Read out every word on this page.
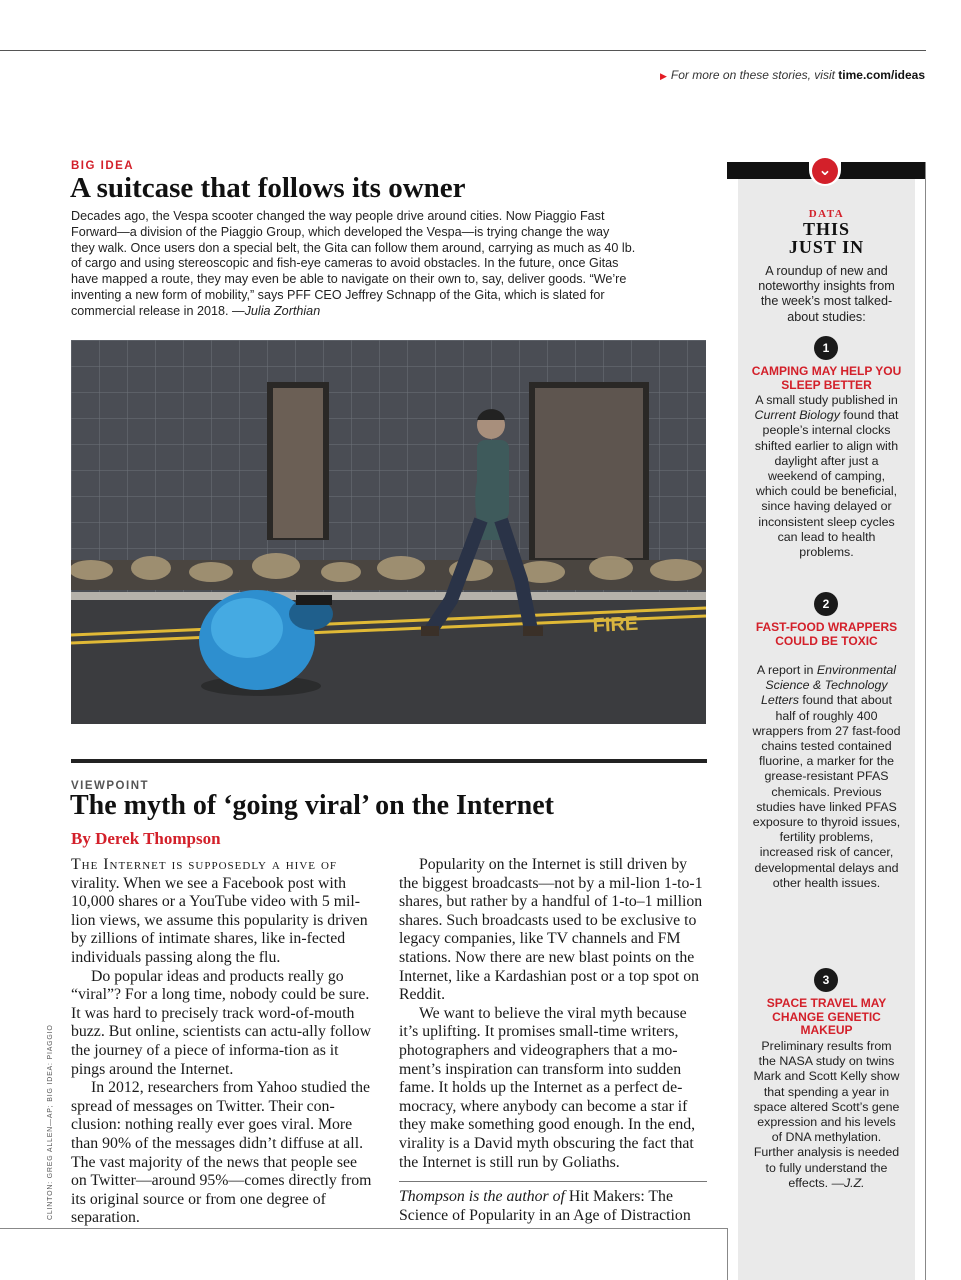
▶ For more on these stories, visit time.com/ideas
BIG IDEA
A suitcase that follows its owner
Decades ago, the Vespa scooter changed the way people drive around cities. Now Piaggio Fast Forward—a division of the Piaggio Group, which developed the Vespa—is trying change the way they walk. Once users don a special belt, the Gita can follow them around, carrying as much as 40 lb. of cargo and using stereoscopic and fish-eye cameras to avoid obstacles. In the future, once Gitas have mapped a route, they may even be able to navigate on their own to, say, deliver goods. “We’re inventing a new form of mobility,” says PFF CEO Jeffrey Schnapp of the Gita, which is slated for commercial release in 2018. —Julia Zorthian
FIRE
VIEWPOINT
The myth of ‘going viral’ on the Internet
By Derek Thompson

The Internet is supposedly a hive of virality. When we see a Facebook post with 10,000 shares or a YouTube video with 5 mil-lion views, we assume this popularity is driven by zillions of intimate shares, like in-fected individuals passing along the flu.

Do popular ideas and products really go “viral”? For a long time, nobody could be sure. It was hard to precisely track word-of-mouth buzz. But online, scientists can actu-ally follow the journey of a piece of informa-tion as it pings around the Internet.

In 2012, researchers from Yahoo studied the spread of messages on Twitter. Their con-clusion: nothing really ever goes viral. More than 90% of the messages didn’t diffuse at all. The vast majority of the news that people see on Twitter—around 95%—comes directly from its original source or from one degree of separation.

Popularity on the Internet is still driven by the biggest broadcasts—not by a mil-lion 1-to-1 shares, but rather by a handful of 1-to–1 million shares. Such broadcasts used to be exclusive to legacy companies, like TV channels and FM stations. Now there are new blast points on the Internet, like a Kardashian post or a top spot on Reddit.

We want to believe the viral myth because it’s uplifting. It promises small-time writers, photographers and videographers that a mo-ment’s inspiration can transform into sudden fame. It holds up the Internet as a perfect de-mocracy, where anybody can become a star if they make something good enough. In the end, virality is a David myth obscuring the fact that the Internet is still run by Goliaths.

Thompson is the author of Hit Makers: The Science of Popularity in an Age of Distraction
CLINTON: GREG ALLEN—AP; BIG IDEA: PIAGGIO
⌄
DATA
THIS
JUST IN
A roundup of new and noteworthy insights from the week’s most talked-about studies:
1
CAMPING MAY HELP YOU SLEEP BETTER
A small study published in Current Biology found that people’s internal clocks shifted earlier to align with daylight after just a weekend of camping, which could be beneficial, since having delayed or inconsistent sleep cycles can lead to health problems.
2
FAST-FOOD WRAPPERS COULD BE TOXIC
A report in Environmental Science & Technology Letters found that about half of roughly 400 wrappers from 27 fast-food chains tested contained fluorine, a marker for the grease-resistant PFAS chemicals. Previous studies have linked PFAS exposure to thyroid issues, fertility problems, increased risk of cancer, developmental delays and other health issues.
3
SPACE TRAVEL MAY CHANGE GENETIC MAKEUP
Preliminary results from the NASA study on twins Mark and Scott Kelly show that spending a year in space altered Scott’s gene expression and his levels of DNA methylation. Further analysis is needed to fully understand the effects. —J.Z.
